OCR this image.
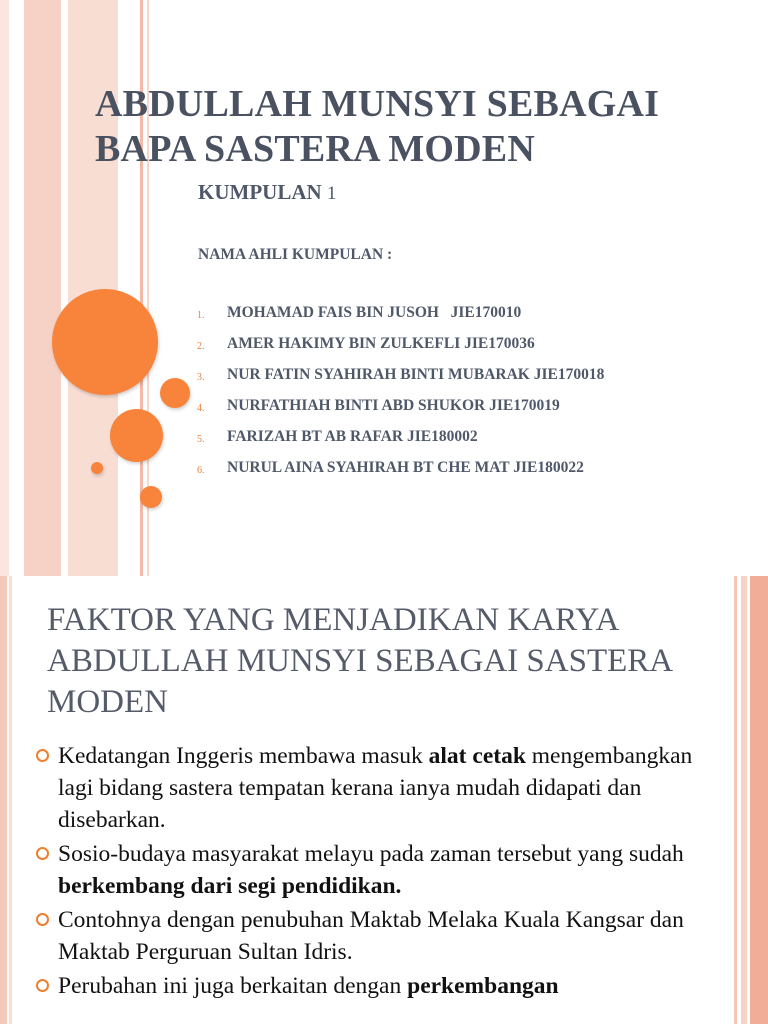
ABDULLAH MUNSYI SEBAGAI BAPA SASTERA MODEN
KUMPULAN 1
NAMA AHLI KUMPULAN :
1.	MOHAMAD FAIS BIN JUSOH   JIE170010
2.	AMER HAKIMY BIN ZULKEFLI JIE170036
3.	NUR FATIN SYAHIRAH BINTI MUBARAK JIE170018
4.	NURFATHIAH BINTI ABD SHUKOR JIE170019
5.	FARIZAH BT AB RAFAR JIE180002
6.	NURUL AINA SYAHIRAH BT CHE MAT JIE180022
FAKTOR YANG MENJADIKAN KARYA ABDULLAH MUNSYI SEBAGAI SASTERA MODEN
Kedatangan Inggeris membawa masuk alat cetak mengembangkan lagi bidang sastera tempatan kerana ianya mudah didapati dan disebarkan.
Sosio-budaya masyarakat melayu pada zaman tersebut yang sudah berkembang dari segi pendidikan.
Contohnya dengan penubuhan Maktab Melaka Kuala Kangsar dan Maktab Perguruan Sultan Idris.
Perubahan ini juga berkaitan dengan perkembangan
